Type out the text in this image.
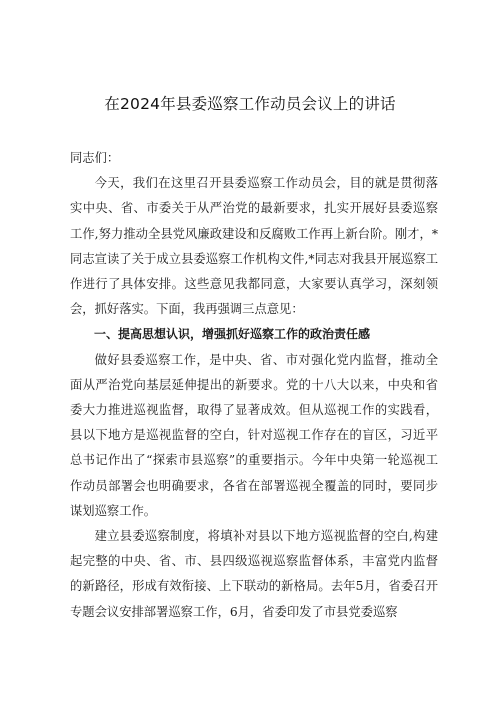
在2024年县委巡察工作动员会议上的讲话

同志们：

今天，我们在这里召开县委巡察工作动员会，目的就是贯彻落实中央、省、市委关于从严治党的最新要求，扎实开展好县委巡察工作,努力推动全县党风廉政建设和反腐败工作再上新台阶。刚才，*同志宣读了关于成立县委巡察工作机构文件,*同志对我县开展巡察工作进行了具体安排。这些意见我都同意，大家要认真学习，深刻领会，抓好落实。下面，我再强调三点意见：

一、提高思想认识，增强抓好巡察工作的政治责任感

做好县委巡察工作，是中央、省、市对强化党内监督，推动全面从严治党向基层延伸提出的新要求。党的十八大以来，中央和省委大力推进巡视监督，取得了显著成效。但从巡视工作的实践看，县以下地方是巡视监督的空白，针对巡视工作存在的盲区，习近平总书记作出了“探索市县巡察”的重要指示。今年中央第一轮巡视工作动员部署会也明确要求，各省在部署巡视全覆盖的同时，要同步谋划巡察工作。

建立县委巡察制度，将填补对县以下地方巡视监督的空白,构建起完整的中央、省、市、县四级巡视巡察监督体系，丰富党内监督的新路径，形成有效衔接、上下联动的新格局。去年5月，省委召开专题会议安排部署巡察工作，6月，省委印发了市县党委巡察
